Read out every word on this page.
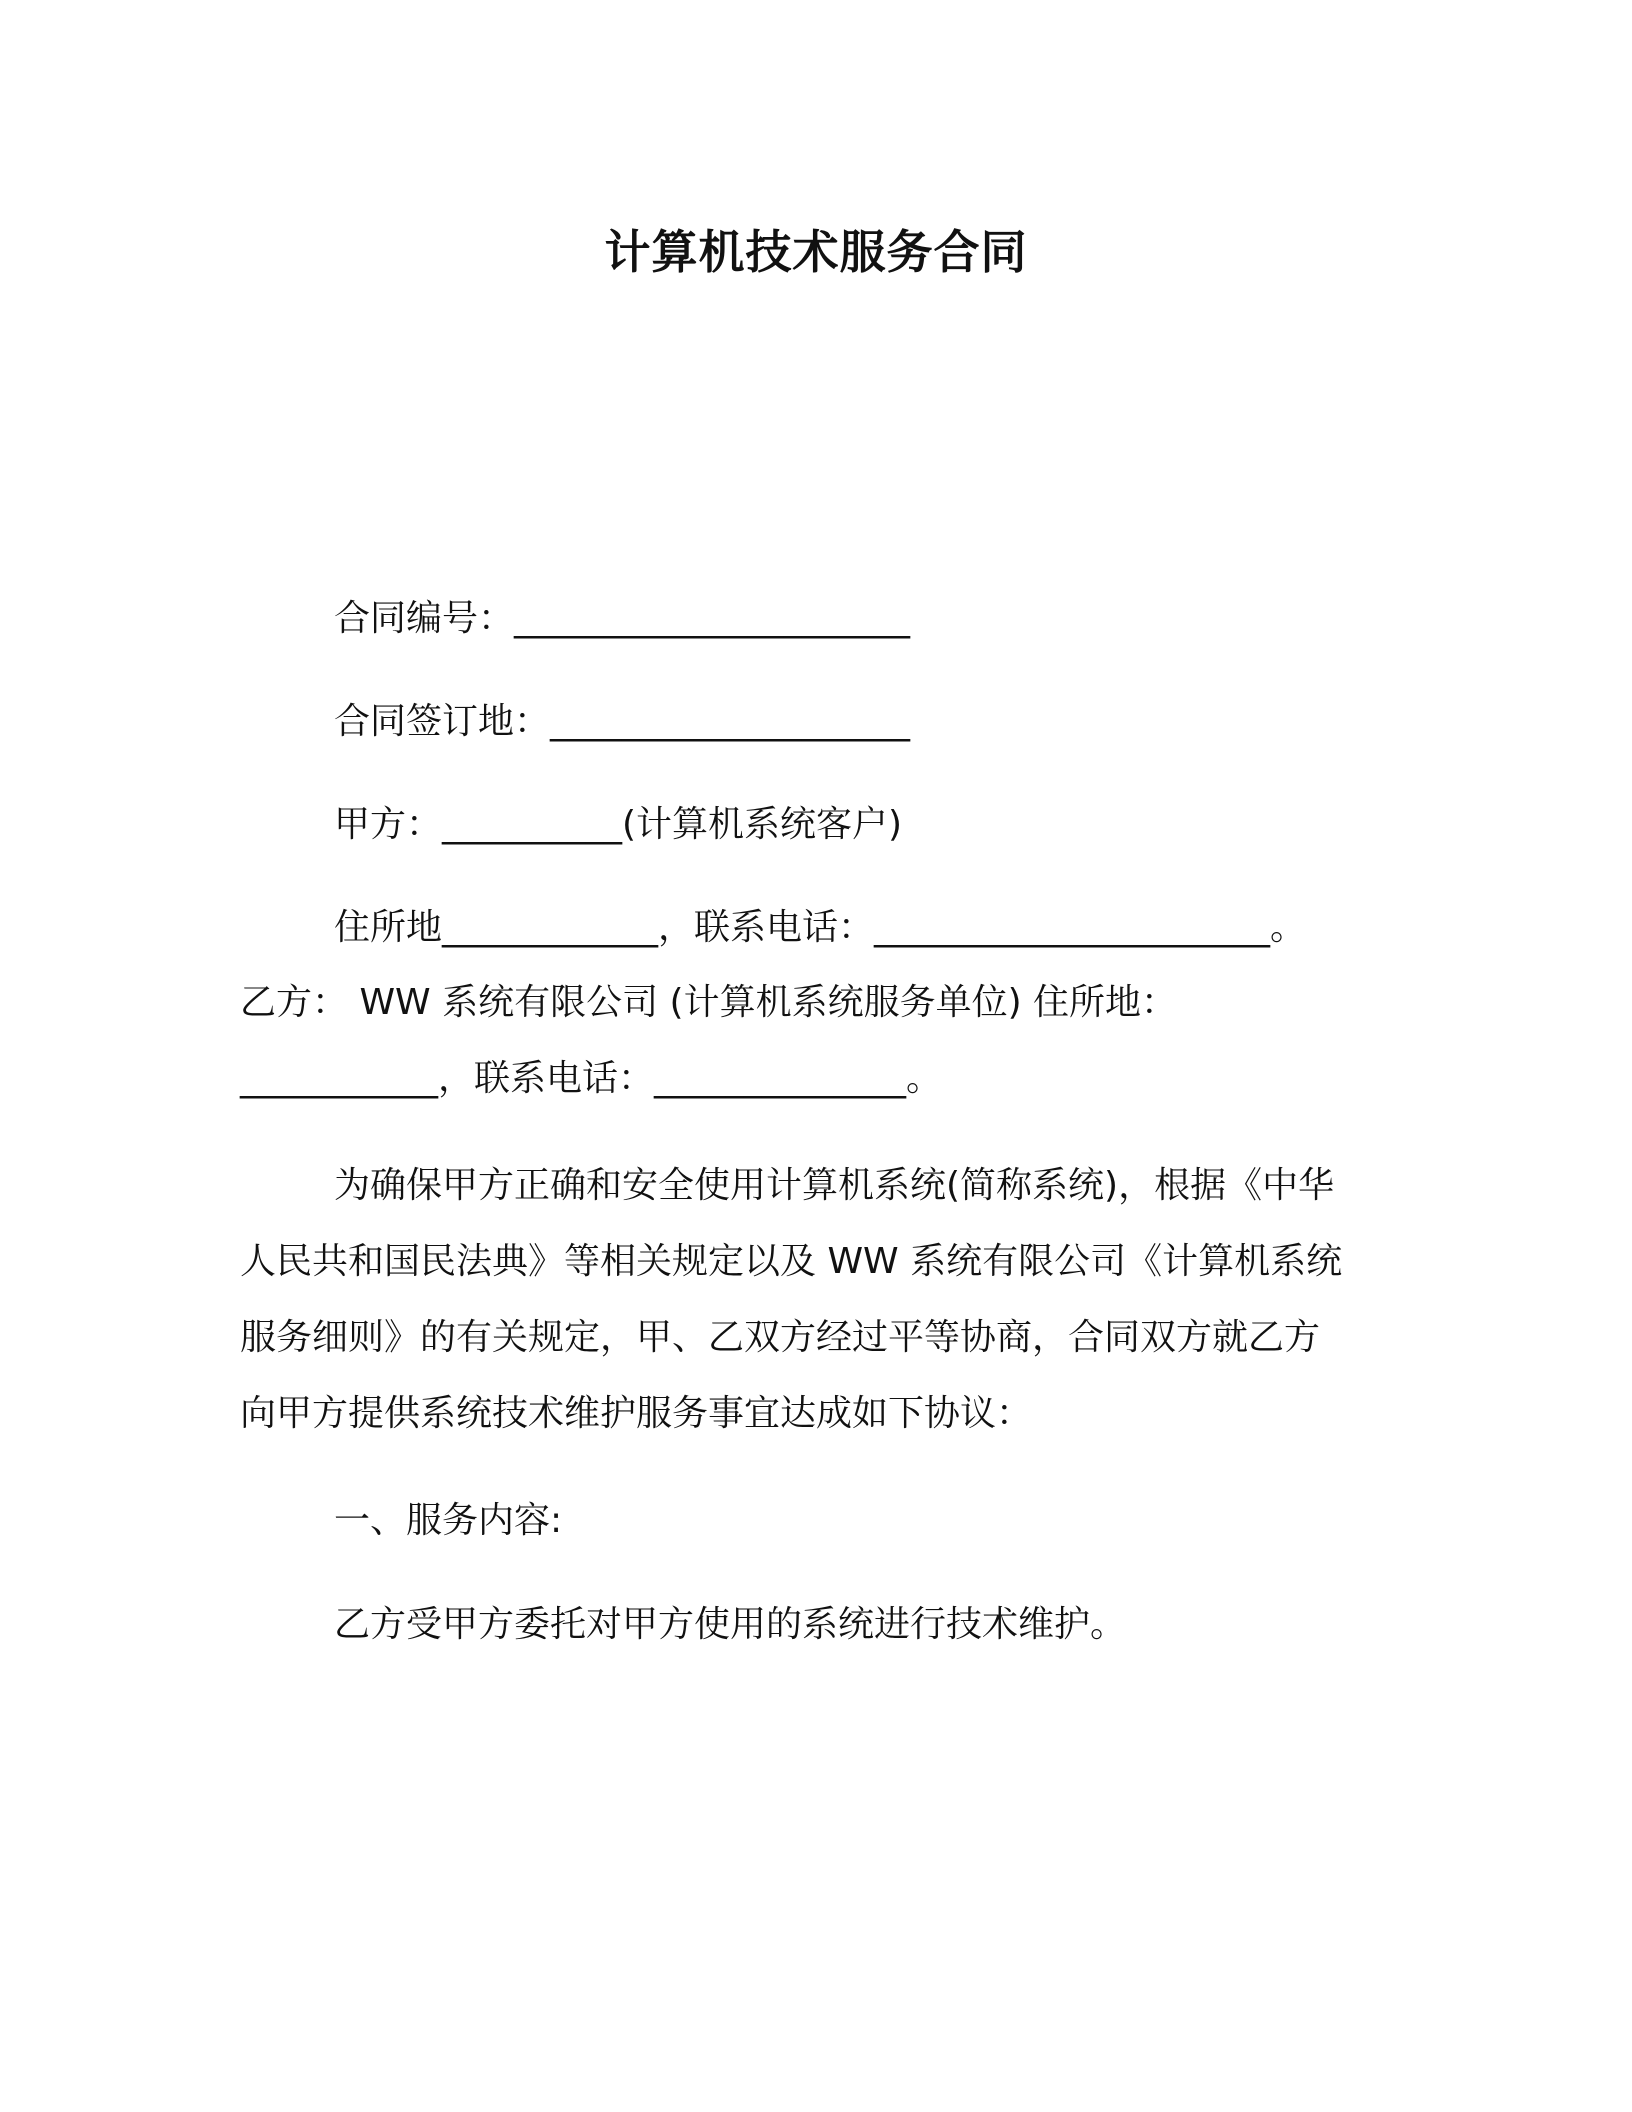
计算机技术服务合同
合同编号：______________________
合同签订地：____________________
甲方：__________(计算机系统客户)
住所地____________，联系电话：______________________。
乙方： WW 系统有限公司 (计算机系统服务单位) 住所地：
___________，联系电话：______________。
为确保甲方正确和安全使用计算机系统(简称系统)，根据《中华
人民共和国民法典》等相关规定以及 WW 系统有限公司《计算机系统
服务细则》的有关规定，甲、乙双方经过平等协商，合同双方就乙方
向甲方提供系统技术维护服务事宜达成如下协议：
一、服务内容:
乙方受甲方委托对甲方使用的系统进行技术维护。
